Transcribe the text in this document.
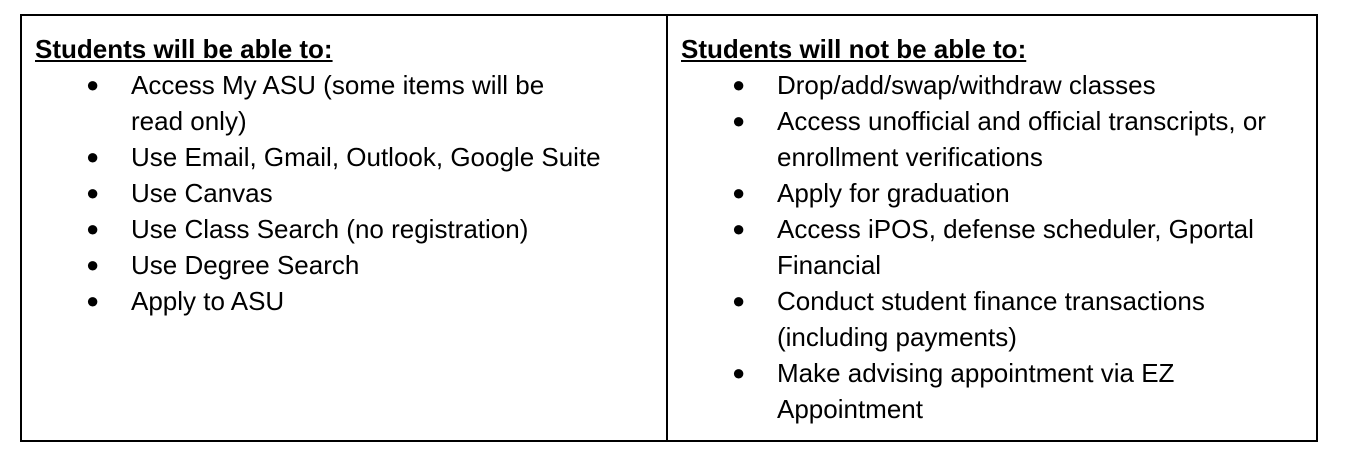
Students will be able to:

● Access My ASU (some items will be read only)
● Use Email, Gmail, Outlook, Google Suite
● Use Canvas
● Use Class Search (no registration)
● Use Degree Search
● Apply to ASU

Students will not be able to:

● Drop/add/swap/withdraw classes
● Access unofficial and official transcripts, or enrollment verifications
● Apply for graduation
● Access iPOS, defense scheduler, Gportal Financial
● Conduct student finance transactions (including payments)
● Make advising appointment via EZ Appointment
